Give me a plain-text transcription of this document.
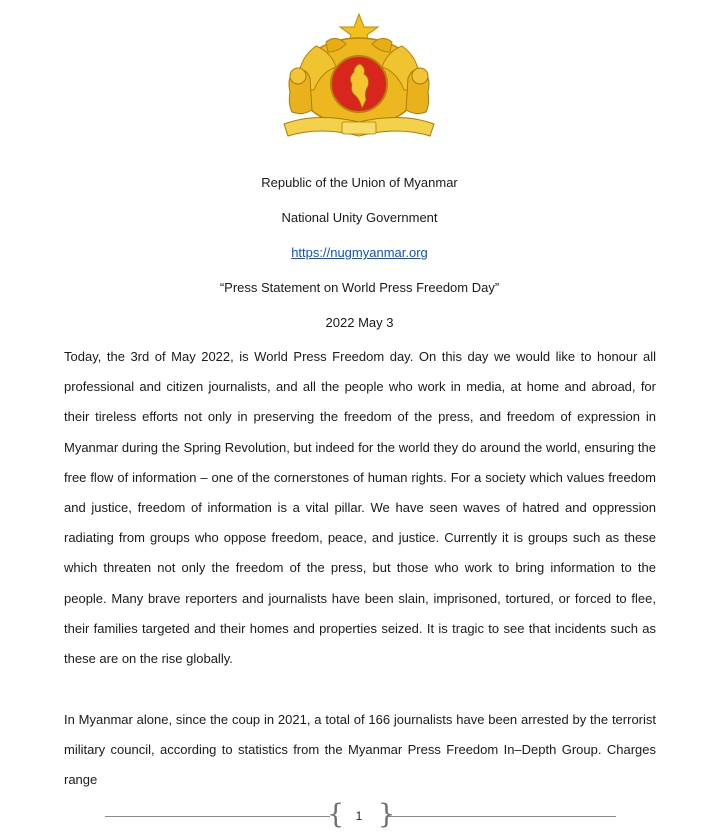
Republic of the Union of Myanmar
National Unity Government
https://nugmyanmar.org
“Press Statement on World Press Freedom Day”
2022 May 3

Today, the 3rd of May 2022, is World Press Freedom day. On this day we would like to honour all professional and citizen journalists, and all the people who work in media, at home and abroad, for their tireless efforts not only in preserving the freedom of the press, and freedom of expression in Myanmar during the Spring Revolution, but indeed for the world they do around the world, ensuring the free flow of information – one of the cornerstones of human rights. For a society which values freedom and justice, freedom of information is a vital pillar. We have seen waves of hatred and oppression radiating from groups who oppose freedom, peace, and justice. Currently it is groups such as these which threaten not only the freedom of the press, but those who work to bring information to the people. Many brave reporters and journalists have been slain, imprisoned, tortured, or forced to flee, their families targeted and their homes and properties seized. It is tragic to see that incidents such as these are on the rise globally.

In Myanmar alone, since the coup in 2021, a total of 166 journalists have been arrested by the terrorist military council, according to statistics from the Myanmar Press Freedom In–Depth Group. Charges range

{ }
1
